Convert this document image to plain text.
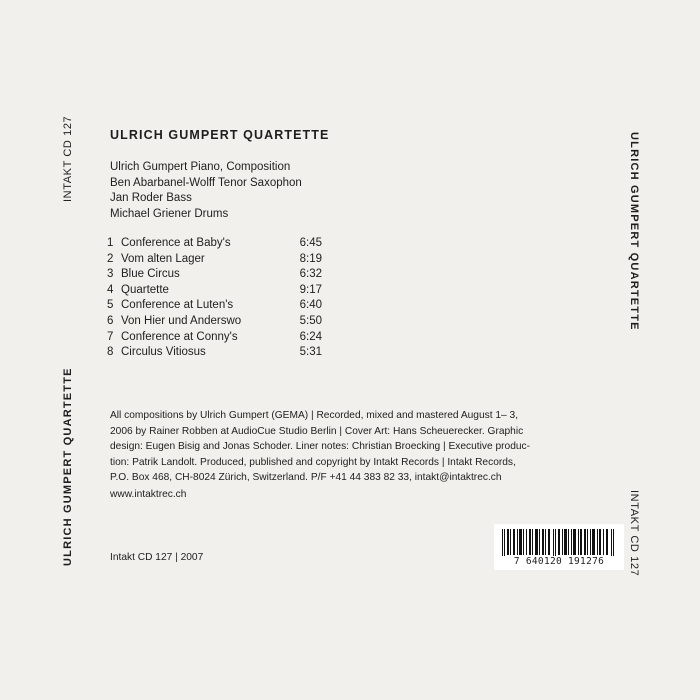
INTAKT CD 127
ULRICH GUMPERT QUARTETTE
ULRICH GUMPERT QUARTETTE
INTAKT CD 127
ULRICH GUMPERT QUARTETTE
Ulrich Gumpert Piano, Composition
Ben Abarbanel-Wolff Tenor Saxophon
Jan Roder Bass
Michael Griener Drums
1 Conference at Baby's	6:45
2 Vom alten Lager	8:19
3 Blue Circus	6:32
4 Quartette	9:17
5 Conference at Luten's	6:40
6 Von Hier und Anderswo	5:50
7 Conference at Conny's	6:24
8 Circulus Vitiosus	5:31
All compositions by Ulrich Gumpert (GEMA) | Recorded, mixed and mastered August 1– 3,
2006 by Rainer Robben at AudioCue Studio Berlin | Cover Art: Hans Scheuerecker. Graphic
design: Eugen Bisig and Jonas Schoder. Liner notes: Christian Broecking | Executive produc-
tion: Patrik Landolt. Produced, published and copyright by Intakt Records | Intakt Records,
P.O. Box 468, CH-8024 Zürich, Switzerland. P/F +41 44 383 82 33, intakt@intaktrec.ch
www.intaktrec.ch
Intakt CD 127 | 2007	7 640120 191276
